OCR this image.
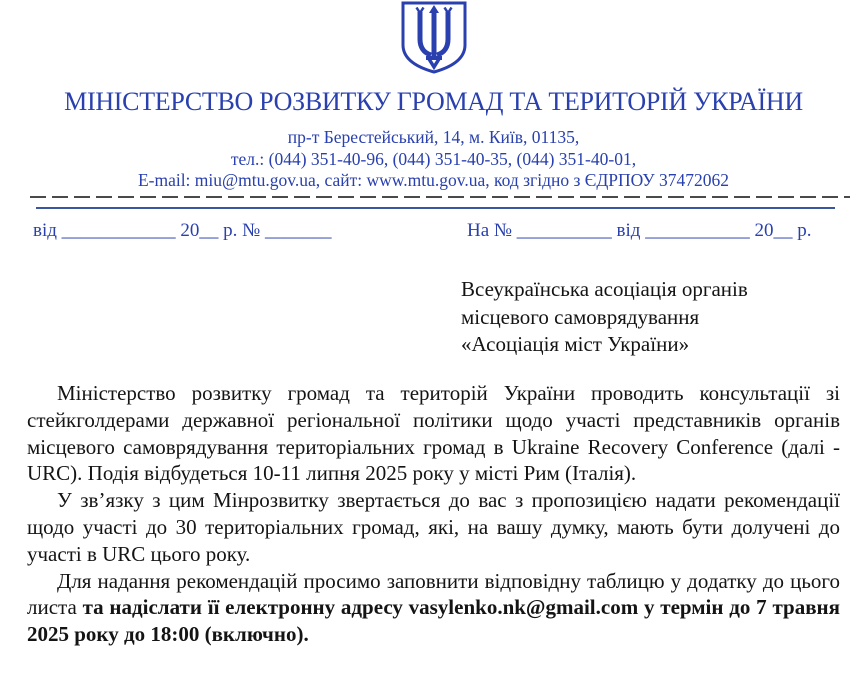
МІНІСТЕРСТВО РОЗВИТКУ ГРОМАД ТА ТЕРИТОРІЙ УКРАЇНИ
пр-т Берестейський, 14, м. Київ, 01135,
тел.: (044) 351-40-96, (044) 351-40-35, (044) 351-40-01,
E-mail: miu@mtu.gov.ua, сайт: www.mtu.gov.ua, код згідно з ЄДРПОУ 37472062
від ____________ 20__ р. № _______	На № __________ від ___________ 20__ р.
Всеукраїнська асоціація органів
місцевого самоврядування
«Асоціація міст України»

Міністерство розвитку громад та територій України проводить консультації зі стейкголдерами державної регіональної політики щодо участі представників органів місцевого самоврядування територіальних громад в Ukraine Recovery Conference (далі - URC). Подія відбудеться 10-11 липня 2025 року у місті Рим (Італія).

У зв’язку з цим Мінрозвитку звертається до вас з пропозицією надати рекомендації щодо участі до 30 територіальних громад, які, на вашу думку, мають бути долучені до участі в URC цього року.

Для надання рекомендацій просимо заповнити відповідну таблицю у додатку до цього листа та надіслати її електронну адресу vasylenko.nk@gmail.com у термін до 7 травня 2025 року до 18:00 (включно).
